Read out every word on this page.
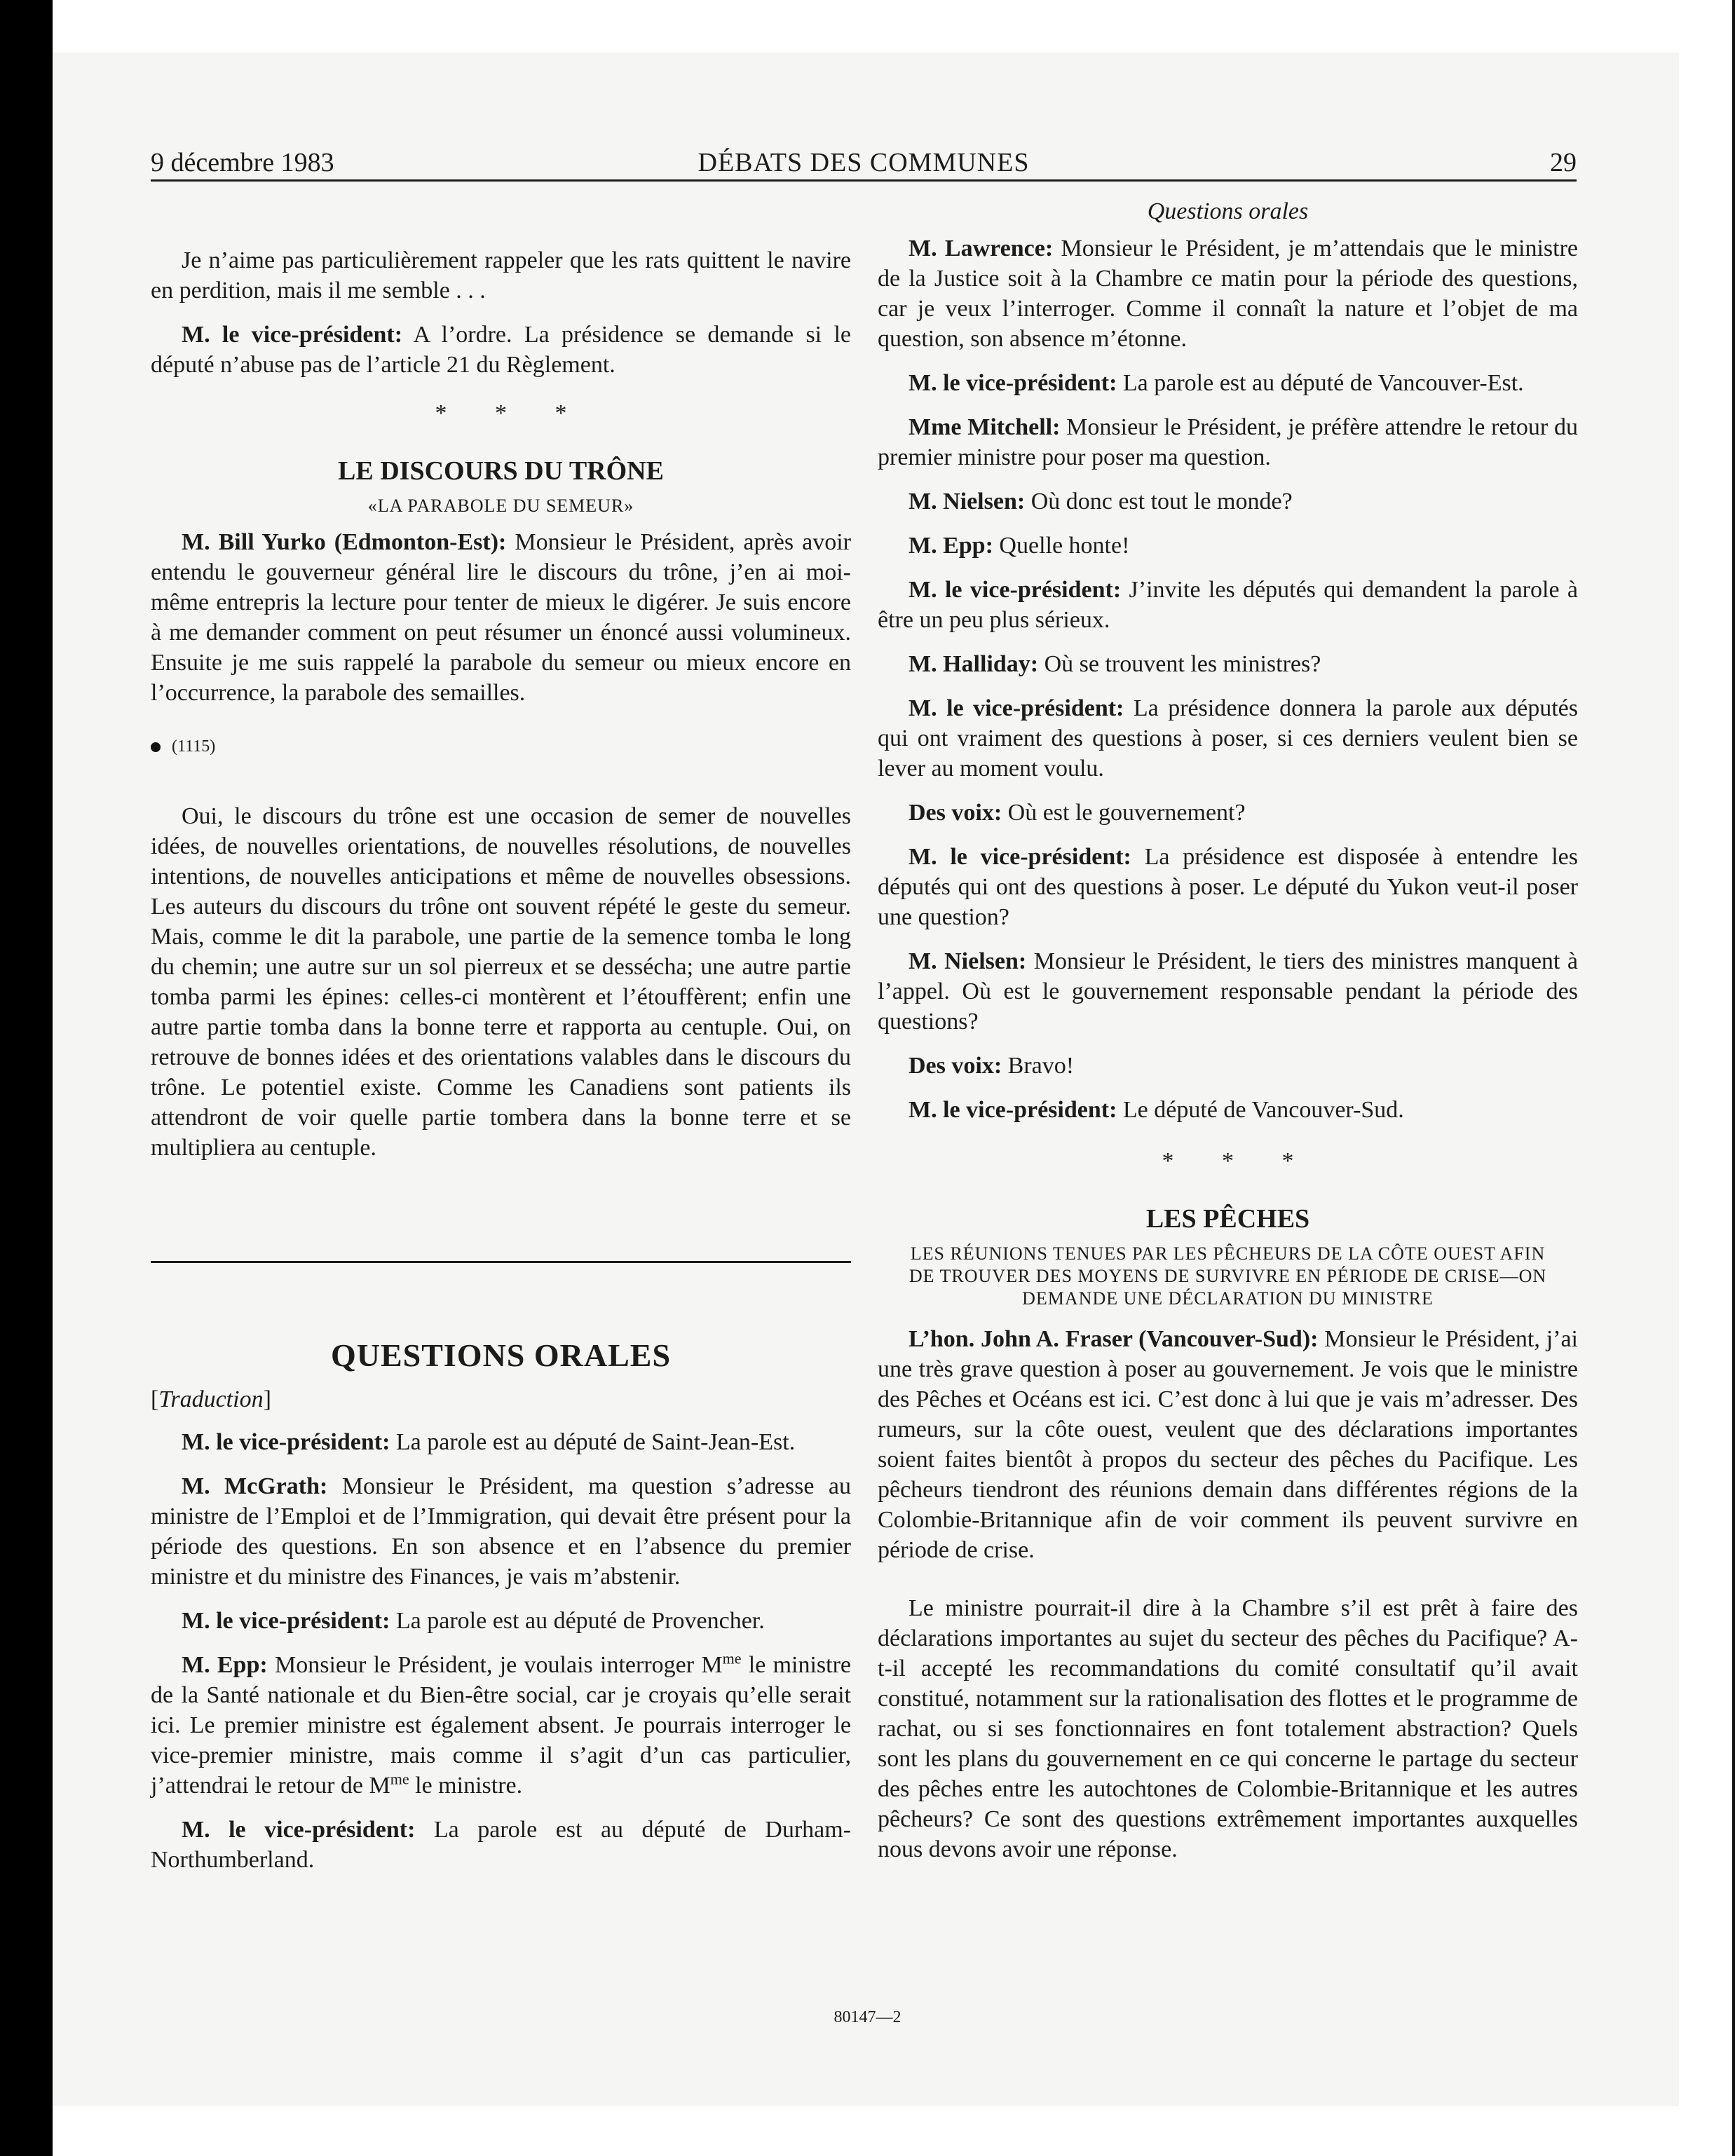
9 décembre 1983	DÉBATS DES COMMUNES	29

Je n’aime pas particulièrement rappeler que les rats quittent le navire en perdition, mais il me semble . . .

M. le vice-président: A l’ordre. La présidence se demande si le député n’abuse pas de l’article 21 du Règlement.

* * *
LE DISCOURS DU TRÔNE
«LA PARABOLE DU SEMEUR»

M. Bill Yurko (Edmonton-Est): Monsieur le Président, après avoir entendu le gouverneur général lire le discours du trône, j’en ai moi-même entrepris la lecture pour tenter de mieux le digérer. Je suis encore à me demander comment on peut résumer un énoncé aussi volumineux. Ensuite je me suis rappelé la parabole du semeur ou mieux encore en l’occurrence, la parabole des semailles.

(1115)

Oui, le discours du trône est une occasion de semer de nouvelles idées, de nouvelles orientations, de nouvelles résolutions, de nouvelles intentions, de nouvelles anticipations et même de nouvelles obsessions. Les auteurs du discours du trône ont souvent répété le geste du semeur. Mais, comme le dit la parabole, une partie de la semence tomba le long du chemin; une autre sur un sol pierreux et se dessécha; une autre partie tomba parmi les épines: celles-ci montèrent et l’étouffèrent; enfin une autre partie tomba dans la bonne terre et rapporta au centuple. Oui, on retrouve de bonnes idées et des orientations valables dans le discours du trône. Le potentiel existe. Comme les Canadiens sont patients ils attendront de voir quelle partie tombera dans la bonne terre et se multipliera au centuple.

QUESTIONS ORALES
[Traduction]

M. le vice-président: La parole est au député de Saint-Jean-Est.

M. McGrath: Monsieur le Président, ma question s’adresse au ministre de l’Emploi et de l’Immigration, qui devait être présent pour la période des questions. En son absence et en l’absence du premier ministre et du ministre des Finances, je vais m’abstenir.

M. le vice-président: La parole est au député de Provencher.

M. Epp: Monsieur le Président, je voulais interroger $M^{me}$ le ministre de la Santé nationale et du Bien-être social, car je croyais qu’elle serait ici. Le premier ministre est également absent. Je pourrais interroger le vice-premier ministre, mais comme il s’agit d’un cas particulier, j’attendrai le retour de $M^{me}$ le ministre.

M. le vice-président: La parole est au député de Durham-Northumberland.

Questions orales

M. Lawrence: Monsieur le Président, je m’attendais que le ministre de la Justice soit à la Chambre ce matin pour la période des questions, car je veux l’interroger. Comme il connaît la nature et l’objet de ma question, son absence m’étonne.

M. le vice-président: La parole est au député de Vancouver-Est.

Mme Mitchell: Monsieur le Président, je préfère attendre le retour du premier ministre pour poser ma question.

M. Nielsen: Où donc est tout le monde?

M. Epp: Quelle honte!

M. le vice-président: J’invite les députés qui demandent la parole à être un peu plus sérieux.

M. Halliday: Où se trouvent les ministres?

M. le vice-président: La présidence donnera la parole aux députés qui ont vraiment des questions à poser, si ces derniers veulent bien se lever au moment voulu.

Des voix: Où est le gouvernement?

M. le vice-président: La présidence est disposée à entendre les députés qui ont des questions à poser. Le député du Yukon veut-il poser une question?

M. Nielsen: Monsieur le Président, le tiers des ministres manquent à l’appel. Où est le gouvernement responsable pendant la période des questions?

Des voix: Bravo!

M. le vice-président: Le député de Vancouver-Sud.

* * *
LES PÊCHES
LES RÉUNIONS TENUES PAR LES PÊCHEURS DE LA CÔTE OUEST AFIN DE TROUVER DES MOYENS DE SURVIVRE EN PÉRIODE DE CRISE—ON DEMANDE UNE DÉCLARATION DU MINISTRE

L’hon. John A. Fraser (Vancouver-Sud): Monsieur le Président, j’ai une très grave question à poser au gouvernement. Je vois que le ministre des Pêches et Océans est ici. C’est donc à lui que je vais m’adresser. Des rumeurs, sur la côte ouest, veulent que des déclarations importantes soient faites bientôt à propos du secteur des pêches du Pacifique. Les pêcheurs tiendront des réunions demain dans différentes régions de la Colombie-Britannique afin de voir comment ils peuvent survivre en période de crise.

Le ministre pourrait-il dire à la Chambre s’il est prêt à faire des déclarations importantes au sujet du secteur des pêches du Pacifique? A-t-il accepté les recommandations du comité consultatif qu’il avait constitué, notamment sur la rationalisation des flottes et le programme de rachat, ou si ses fonctionnaires en font totalement abstraction? Quels sont les plans du gouvernement en ce qui concerne le partage du secteur des pêches entre les autochtones de Colombie-Britannique et les autres pêcheurs? Ce sont des questions extrêmement importantes auxquelles nous devons avoir une réponse.

80147—2
